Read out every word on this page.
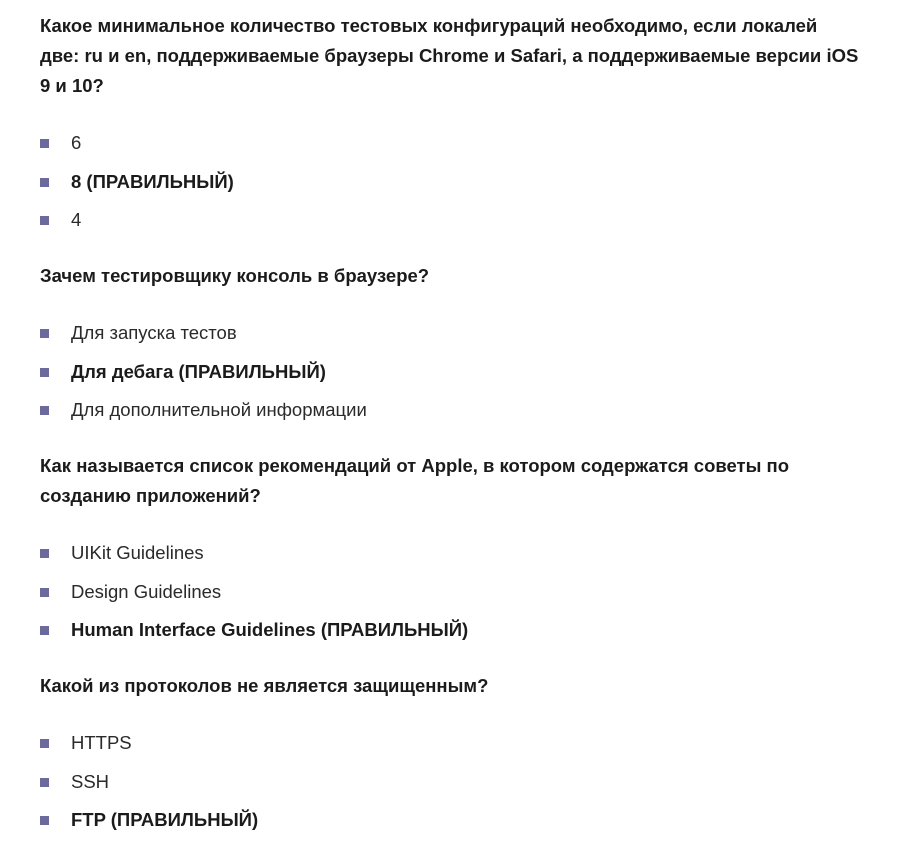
Какое минимальное количество тестовых конфигураций необходимо, если локалей две: ru и en, поддерживаемые браузеры Chrome и Safari, а поддерживаемые версии iOS 9 и 10?

6
8 (ПРАВИЛЬНЫЙ)
4

Зачем тестировщику консоль в браузере?

Для запуска тестов
Для дебага (ПРАВИЛЬНЫЙ)
Для дополнительной информации

Как называется список рекомендаций от Apple, в котором содержатся советы по созданию приложений?

UIKit Guidelines
Design Guidelines
Human Interface Guidelines (ПРАВИЛЬНЫЙ)

Какой из протоколов не является защищенным?

HTTPS
SSH
FTP (ПРАВИЛЬНЫЙ)
